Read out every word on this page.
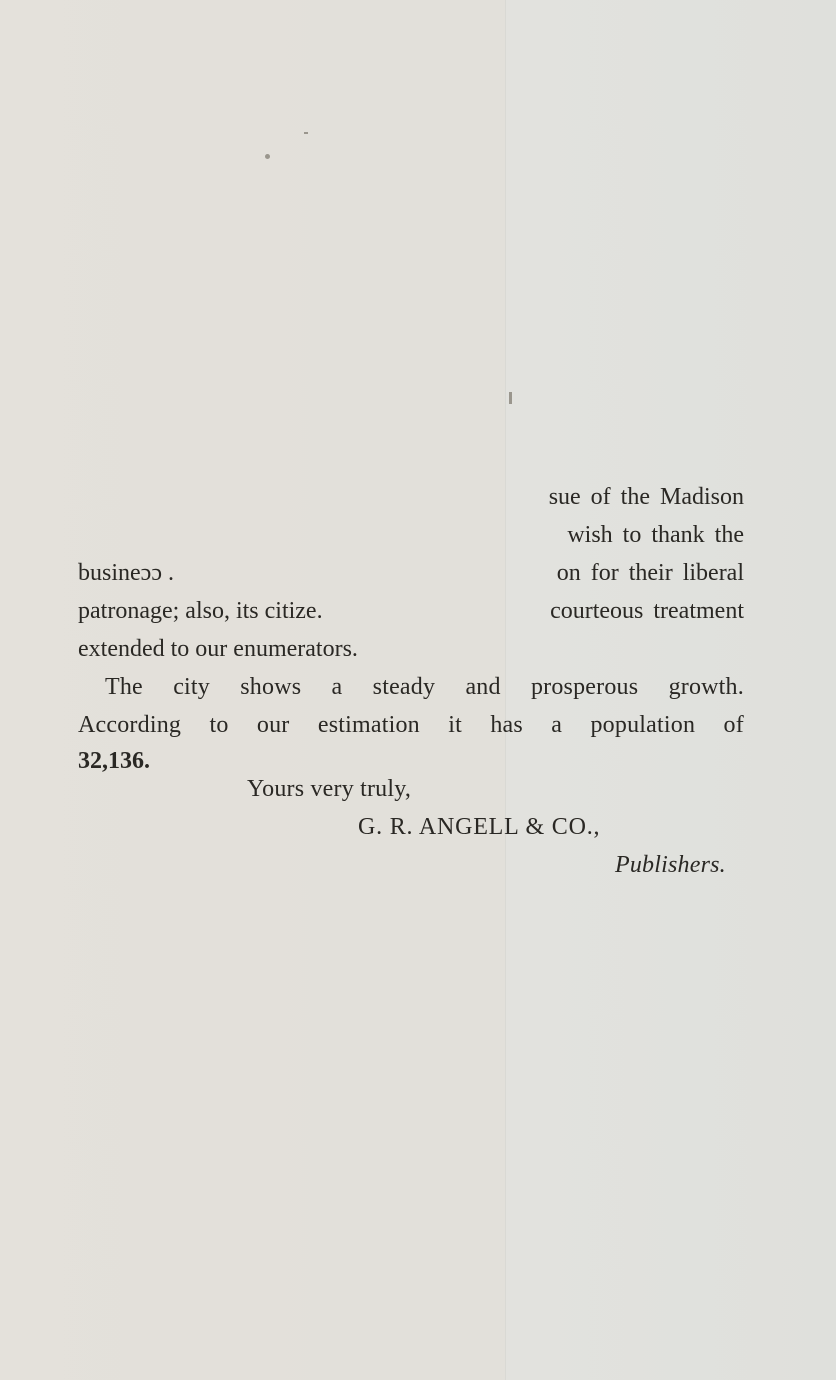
sue of the Madison
wish to thank the
busineɔɔ .	on for their liberal
patronage; also, its citize.	courteous treatment
extended to our enumerators.
The city shows a steady and prosperous growth.
According to our estimation it has a population of
32,136.
Yours very truly,
G. R. ANGELL & CO.,
Publishers.
